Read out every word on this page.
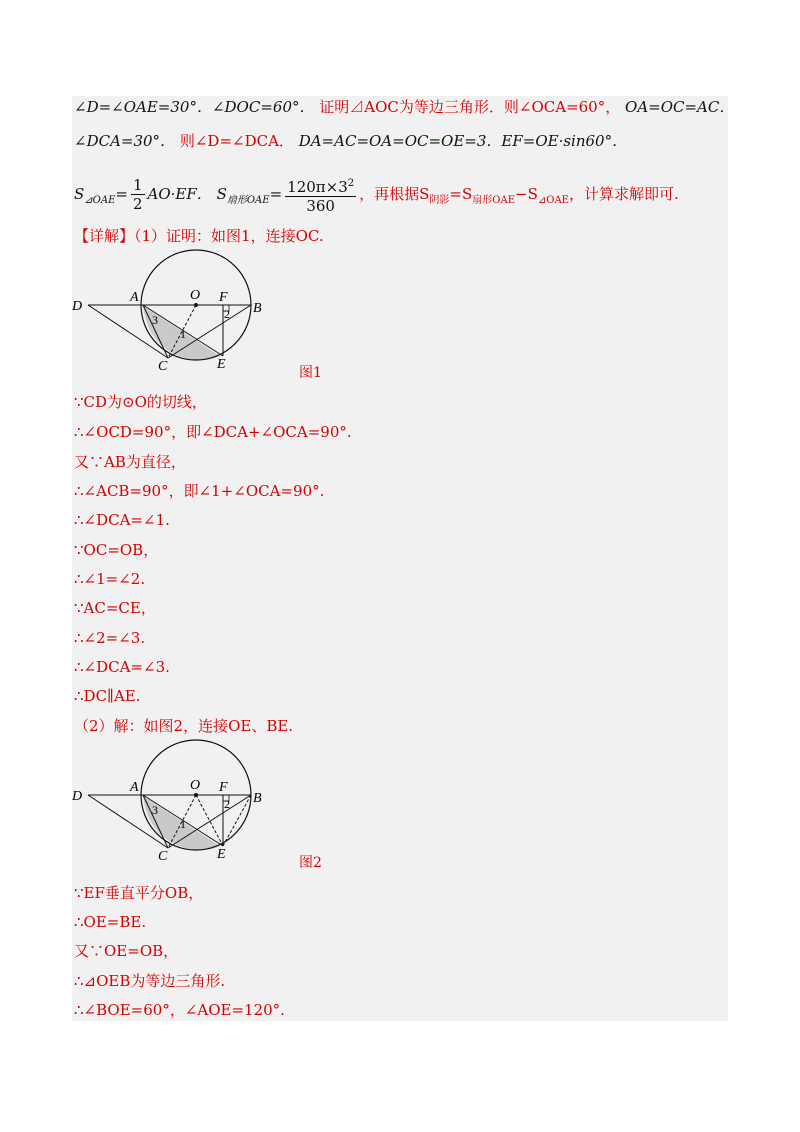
∠D=∠OAE=30°．∠DOC=60°． 证明⊿AOC为等边三角形．则∠OCA=60°， OA=OC=AC．
∠DCA=30°． 则∠D=∠DCA． DA=AC=OA=OC=OE=3．EF=OE·sin60°．
$S_{⊿OAE}= \frac{1}{2} AO\cdot EF$． $S_{扇形OAE}= \frac{120\pi\times 3^2}{360}$ ，再根据$S_{阴影}=S_{扇形OAE}-S_{⊿OAE}$，计算求解即可.
【详解】（1）证明：如图1，连接OC.
D
A	O F
B
C	E
1
2
3
图1
∵CD为⊙O的切线，
∴∠OCD=90°，即∠DCA+∠OCA=90°.
又∵AB为直径，
∴∠ACB=90°，即∠1+∠OCA=90°.
∴∠DCA=∠1.
∵OC=OB，
∴∠1=∠2.
∵AC=CE，
∴∠2=∠3.
∴∠DCA=∠3.
∴DC∥AE.
（2）解：如图2，连接OE、BE.
D
A	O F
B
C	E
1
2
3
图2
∵EF垂直平分OB，
∴OE=BE.
又∵OE=OB，
∴⊿OEB为等边三角形.
∴∠BOE=60°，∠AOE=120°.
